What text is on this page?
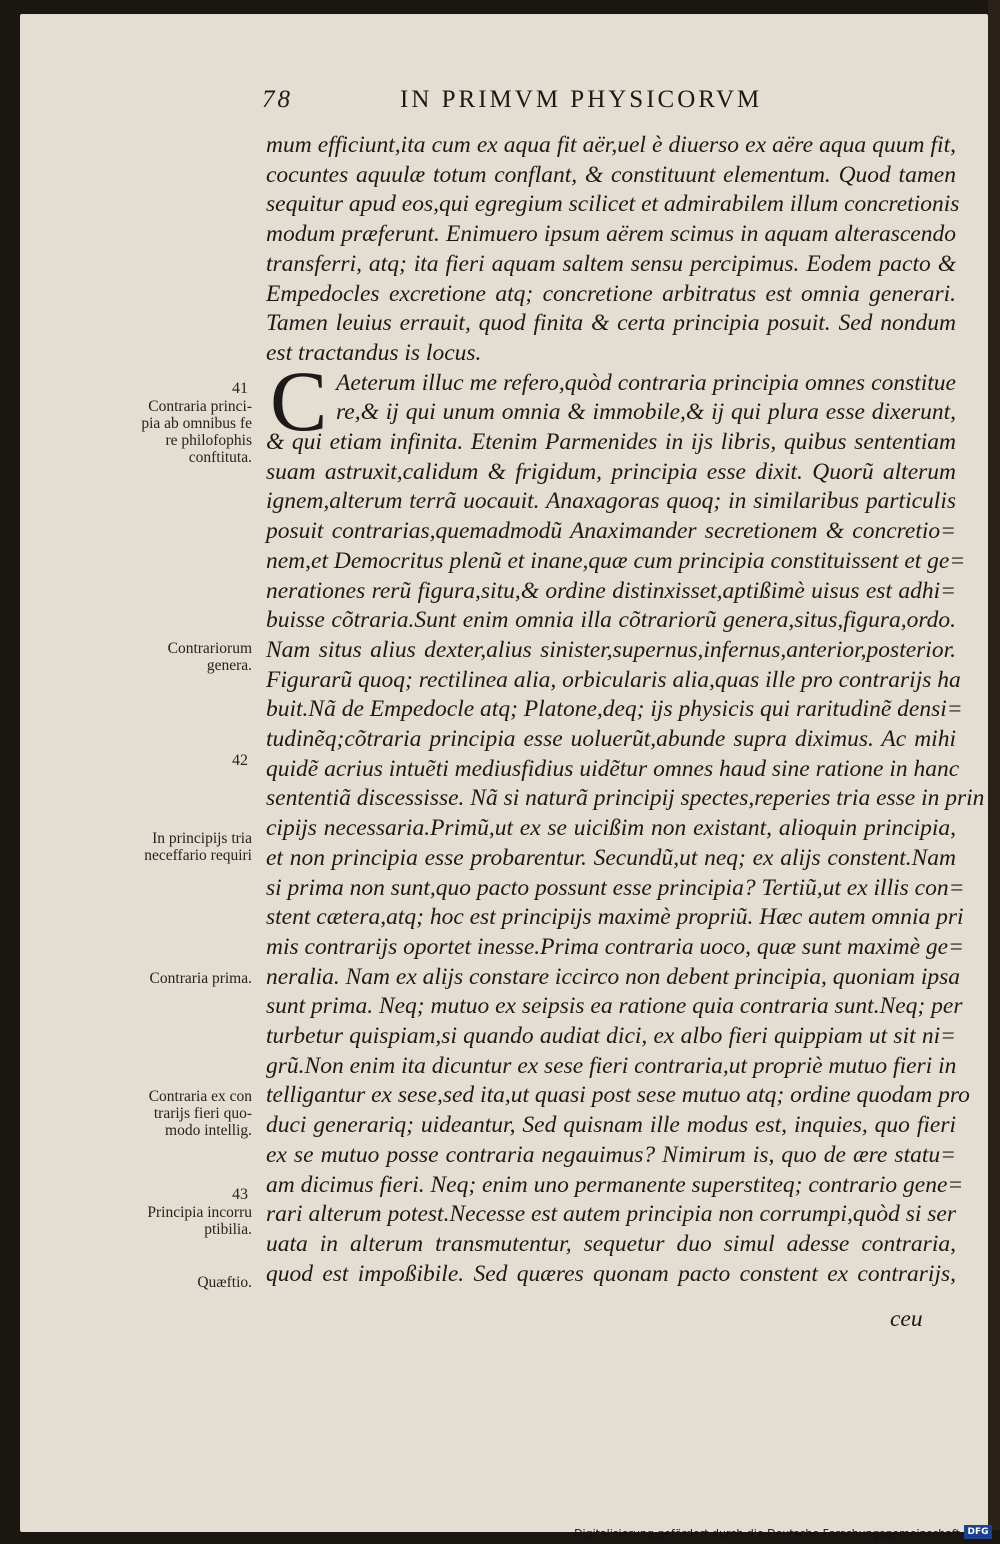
78	IN PRIMVM PHYSICORVM
C
mum efficiunt,ita cum ex aqua fit aër,uel è diuerso ex aëre aqua quum fit,
cocuntes aquulæ totum conflant, & constituunt elementum. Quod tamen
sequitur apud eos,qui egregium scilicet et admirabilem illum concretionis
modum præferunt. Enimuero ipsum aërem scimus in aquam alterascendo
transferri, atq; ita fieri aquam saltem sensu percipimus. Eodem pacto &
Empedocles excretione atq; concretione arbitratus est omnia generari.
Tamen leuius errauit, quod finita & certa principia posuit. Sed nondum
est tractandus is locus.
Aeterum illuc me refero,quòd contraria principia omnes constitue
re,& ij qui unum omnia & immobile,& ij qui plura esse dixerunt,
& qui etiam infinita. Etenim Parmenides in ijs libris, quibus sententiam
suam astruxit,calidum & frigidum, principia esse dixit. Quorũ alterum
ignem,alterum terrã uocauit. Anaxagoras quoq; in similaribus particulis
posuit contrarias,quemadmodũ Anaximander secretionem & concretio=
nem,et Democritus plenũ et inane,quæ cum principia constituissent et ge=
nerationes rerũ figura,situ,& ordine distinxisset,aptißimè uisus est adhi=
buisse cõtraria.Sunt enim omnia illa cõtrariorũ genera,situs,figura,ordo.
Nam situs alius dexter,alius sinister,supernus,infernus,anterior,posterior.
Figurarũ quoq; rectilinea alia, orbicularis alia,quas ille pro contrarijs ha
buit.Nã de Empedocle atq; Platone,deq; ijs physicis qui raritudinẽ densi=
tudinẽq;cõtraria principia esse uoluerũt,abunde supra diximus. Ac mihi
quidẽ acrius intuẽti mediusfidius uidẽtur omnes haud sine ratione in hanc
sententiã discessisse. Nã si naturã principij spectes,reperies tria esse in prin
cipijs necessaria.Primũ,ut ex se uicißim non existant, alioquin principia,
et non principia esse probarentur. Secundũ,ut neq; ex alijs constent.Nam
si prima non sunt,quo pacto possunt esse principia? Tertiũ,ut ex illis con=
stent cætera,atq; hoc est principijs maximè propriũ. Hæc autem omnia pri
mis contrarijs oportet inesse.Prima contraria uoco, quæ sunt maximè ge=
neralia. Nam ex alijs constare iccirco non debent principia, quoniam ipsa
sunt prima. Neq; mutuo ex seipsis ea ratione quia contraria sunt.Neq; per
turbetur quispiam,si quando audiat dici, ex albo fieri quippiam ut sit ni=
grũ.Non enim ita dicuntur ex sese fieri contraria,ut propriè mutuo fieri in
telligantur ex sese,sed ita,ut quasi post sese mutuo atq; ordine quodam pro
duci generariq; uideantur, Sed quisnam ille modus est, inquies, quo fieri
ex se mutuo posse contraria negauimus? Nimirum is, quo de ære statu=
am dicimus fieri. Neq; enim uno permanente superstiteq; contrario gene=
rari alterum potest.Necesse est autem principia non corrumpi,quòd si ser
uata in alterum transmutentur, sequetur duo simul adesse contraria,
quod est impoßibile. Sed quæres quonam pacto constent ex contrarijs,
ceu
41
Contraria princi-
pia ab omnibus fe
re philofophis
conftituta.
Contrariorum
genera.
42
In principijs tria
neceffario requiri
Contraria prima.
Contraria ex con
trarijs fieri quo-
modo intellig.
43
Principia incorru
ptibilia.
Quæftio.
DFG
Digitalisierung gefördert durch die Deutsche Forschungsgemeinschaft
